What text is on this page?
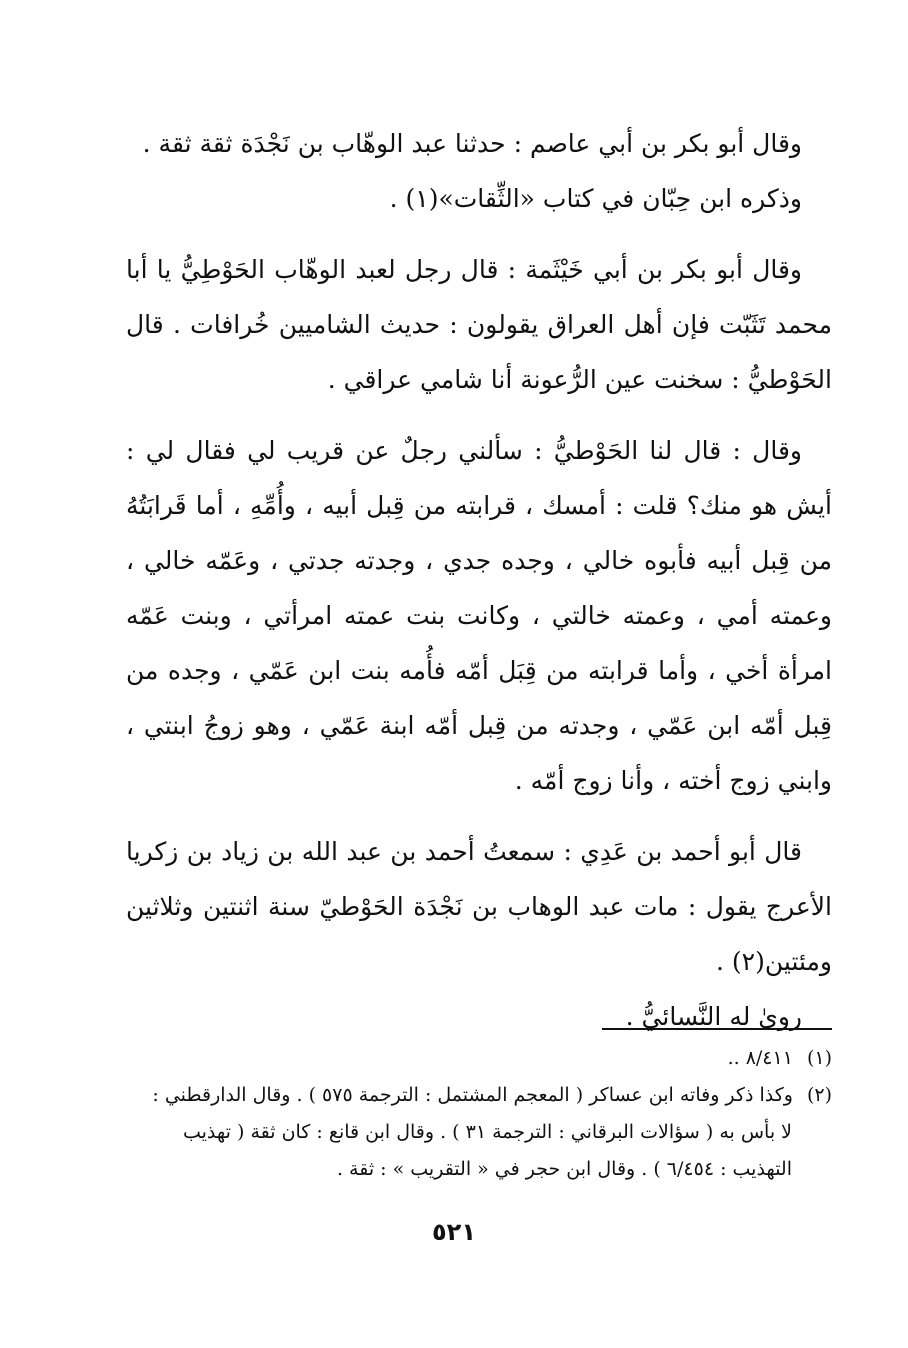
وقال أبو بكر بن أبي عاصم : حدثنا عبد الوهّاب بن نَجْدَة ثقة ثقة .

وذكره ابن حِبّان في كتاب «الثِّقات»(١) .

وقال أبو بكر بن أبي خَيْثَمة : قال رجل لعبد الوهّاب الحَوْطِيُّ يا أبا محمد تَثَبّت فإن أهل العراق يقولون : حديث الشاميين خُرافات . قال الحَوْطيُّ : سخنت عين الرُّعونة أنا شامي عراقي .

وقال : قال لنا الحَوْطيُّ : سألني رجلٌ عن قريب لي فقال لي : أيش هو منك؟ قلت : أمسك ، قرابته من قِبل أبيه ، وأُمِّهِ ، أما قَرابَتُهُ من قِبل أبيه فأبوه خالي ، وجده جدي ، وجدته جدتي ، وعَمّه خالي ، وعمته أمي ، وعمته خالتي ، وكانت بنت عمته امرأتي ، وبنت عَمّه امرأة أخي ، وأما قرابته من قِبَل أمّه فأُمه بنت ابن عَمّي ، وجده من قِبل أمّه ابن عَمّي ، وجدته من قِبل أمّه ابنة عَمّي ، وهو زوجُ ابنتي ، وابني زوج أخته ، وأنا زوج أمّه .

قال أبو أحمد بن عَدِي : سمعتُ أحمد بن عبد الله بن زياد بن زكريا الأعرج يقول : مات عبد الوهاب بن نَجْدَة الحَوْطيّ سنة اثنتين وثلاثين ومئتين(٢) .

روىٰ له النَّسائيُّ .

(١)٨/٤١١ ..

(٢)وكذا ذكر وفاته ابن عساكر ( المعجم المشتمل : الترجمة ٥٧٥ ) . وقال الدارقطني :

لا بأس به ( سؤالات البرقاني : الترجمة ٣١ ) . وقال ابن قانع : كان ثقة ( تهذيب

التهذيب : ٦/٤٥٤ ) . وقال ابن حجر في « التقريب » : ثقة .

٥٢١
